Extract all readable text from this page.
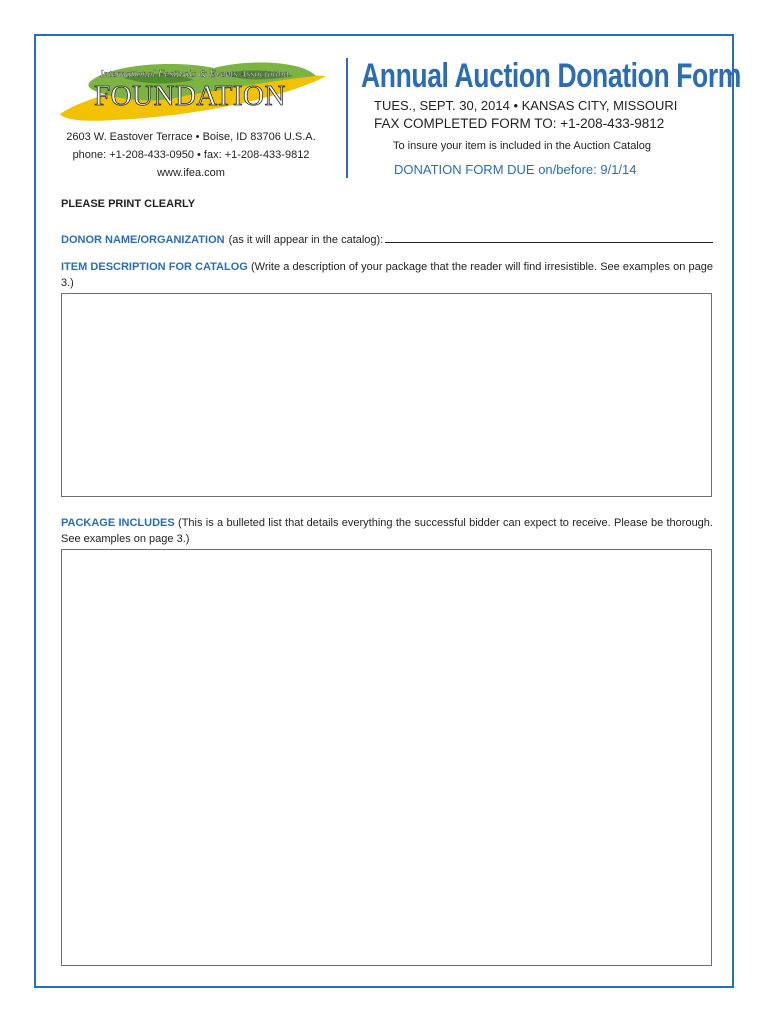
International Festivals & Events Association
FOUNDATION
2603 W. Eastover Terrace • Boise, ID 83706 U.S.A.
phone: +1-208-433-0950 • fax: +1-208-433-9812
www.ifea.com
Annual Auction Donation Form
TUES., SEPT. 30, 2014 • KANSAS CITY, MISSOURI
FAX COMPLETED FORM TO: +1-208-433-9812
To insure your item is included in the Auction Catalog
DONATION FORM DUE on/before: 9/1/14
PLEASE PRINT CLEARLY
DONOR NAME/ORGANIZATION (as it will appear in the catalog):
ITEM DESCRIPTION FOR CATALOG (Write a description of your package that the reader will find irresistible. See examples on page 3.)
PACKAGE INCLUDES (This is a bulleted list that details everything the successful bidder can expect to receive. Please be thorough. See examples on page 3.)
